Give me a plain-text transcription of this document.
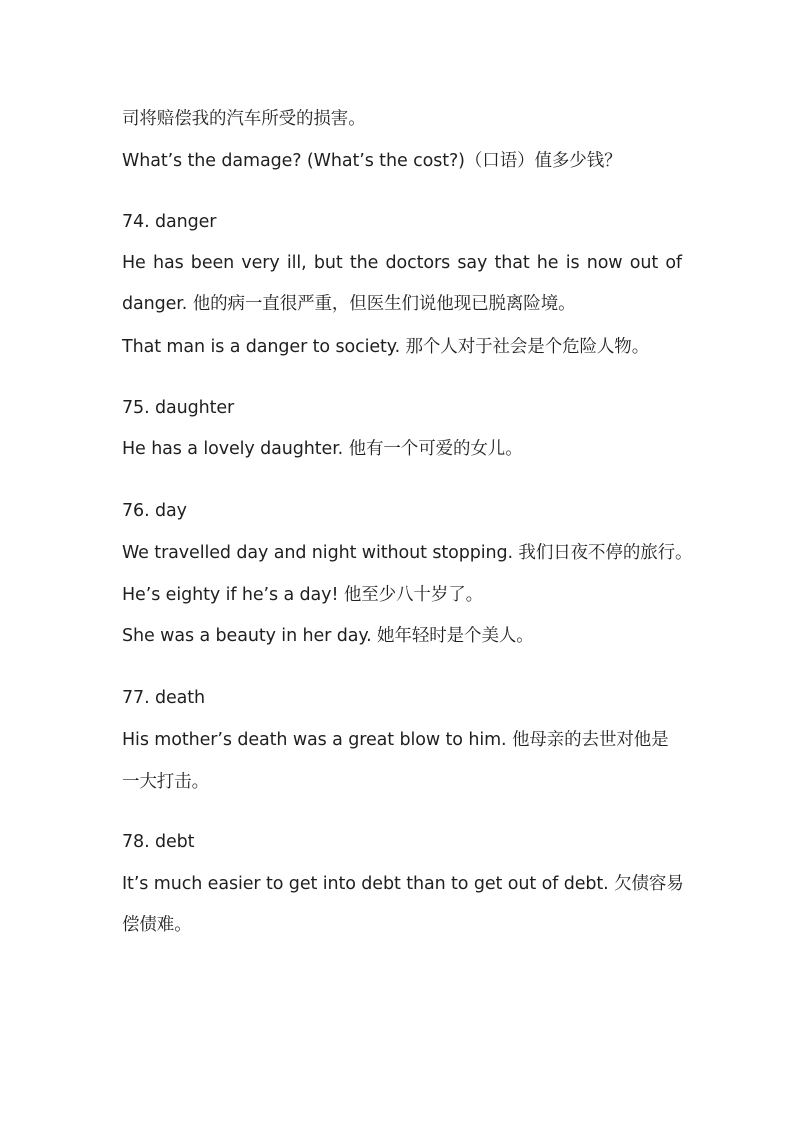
司将赔偿我的汽车所受的损害。
What’s the damage? (What’s the cost?)（口语）值多少钱？
74. danger
He has been very ill, but the doctors say that he is now out of
danger. 他的病一直很严重，但医生们说他现已脱离险境。
That man is a danger to society. 那个人对于社会是个危险人物。
75. daughter
He has a lovely daughter. 他有一个可爱的女儿。
76. day
We travelled day and night without stopping. 我们日夜不停的旅行。
He’s eighty if he’s a day! 他至少八十岁了。
She was a beauty in her day. 她年轻时是个美人。
77. death
His mother’s death was a great blow to him. 他母亲的去世对他是
一大打击。
78. debt
It’s much easier to get into debt than to get out of debt. 欠债容易
偿债难。
